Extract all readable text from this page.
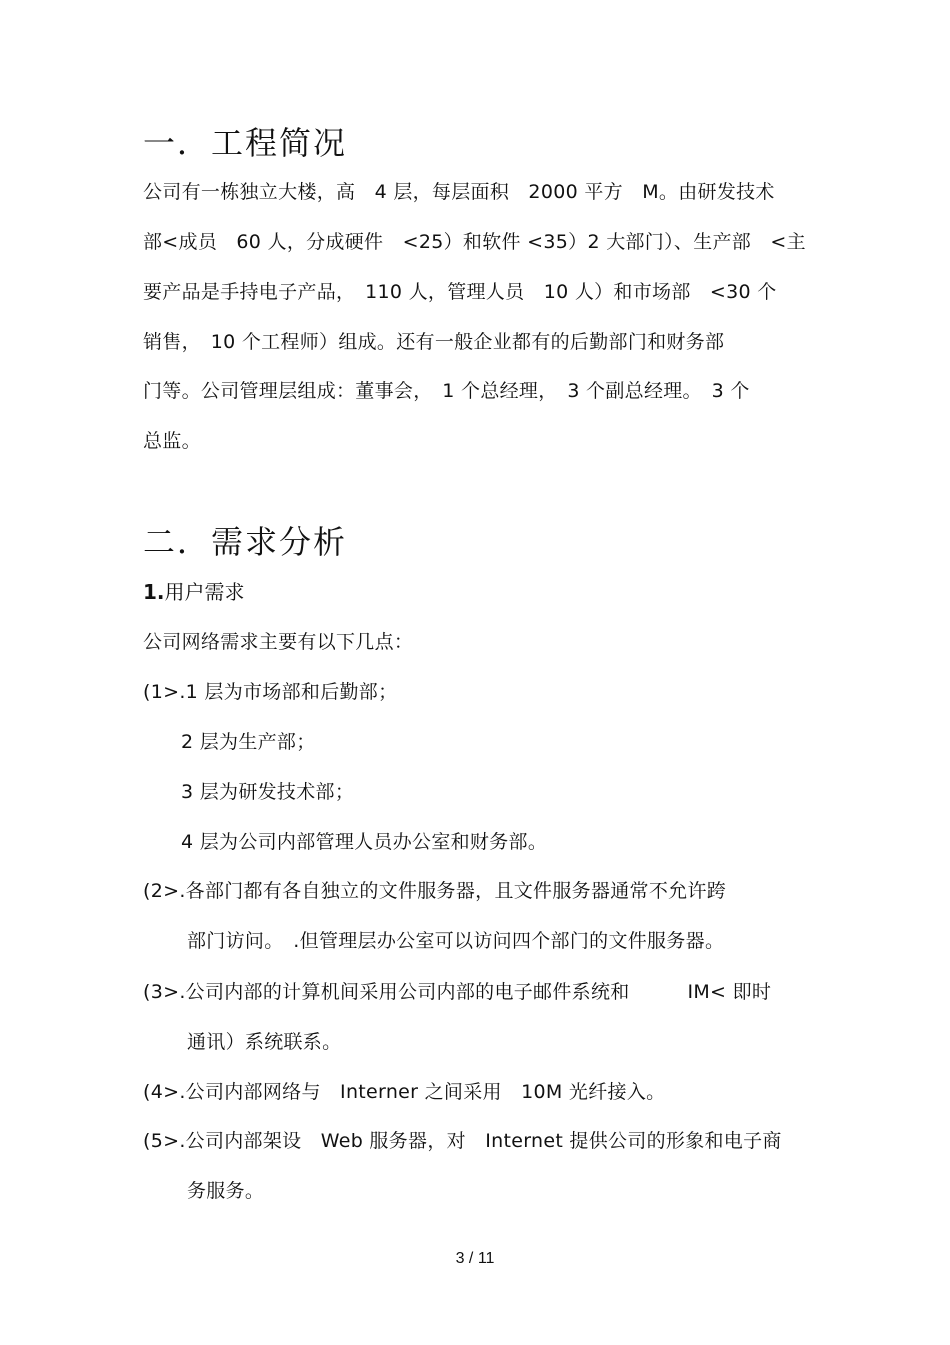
一．工程简况
公司有一栋独立大楼，高　4 层，每层面积　2000 平方　M。由研发技术
部<成员　60 人，分成硬件　<25）和软件 <35）2 大部门）、生产部　<主
要产品是手持电子产品，　110 人，管理人员　10 人）和市场部　<30 个
销售，　10 个工程师）组成。还有一般企业都有的后勤部门和财务部
门等。公司管理层组成：董事会，　1 个总经理，　3 个副总经理。　3 个
总监。
二．需求分析
1.用户需求
公司网络需求主要有以下几点：
(1>.1 层为市场部和后勤部；
2 层为生产部；
3 层为研发技术部；
4 层为公司内部管理人员办公室和财务部。
(2>.各部门都有各自独立的文件服务器，且文件服务器通常不允许跨
部门访问。　.但管理层办公室可以访问四个部门的文件服务器。
(3>.公司内部的计算机间采用公司内部的电子邮件系统和　　　IM< 即时
通讯）系统联系。
(4>.公司内部网络与　Interner 之间采用　10M 光纤接入。
(5>.公司内部架设　Web 服务器，对　Internet 提供公司的形象和电子商
务服务。
3 / 11
